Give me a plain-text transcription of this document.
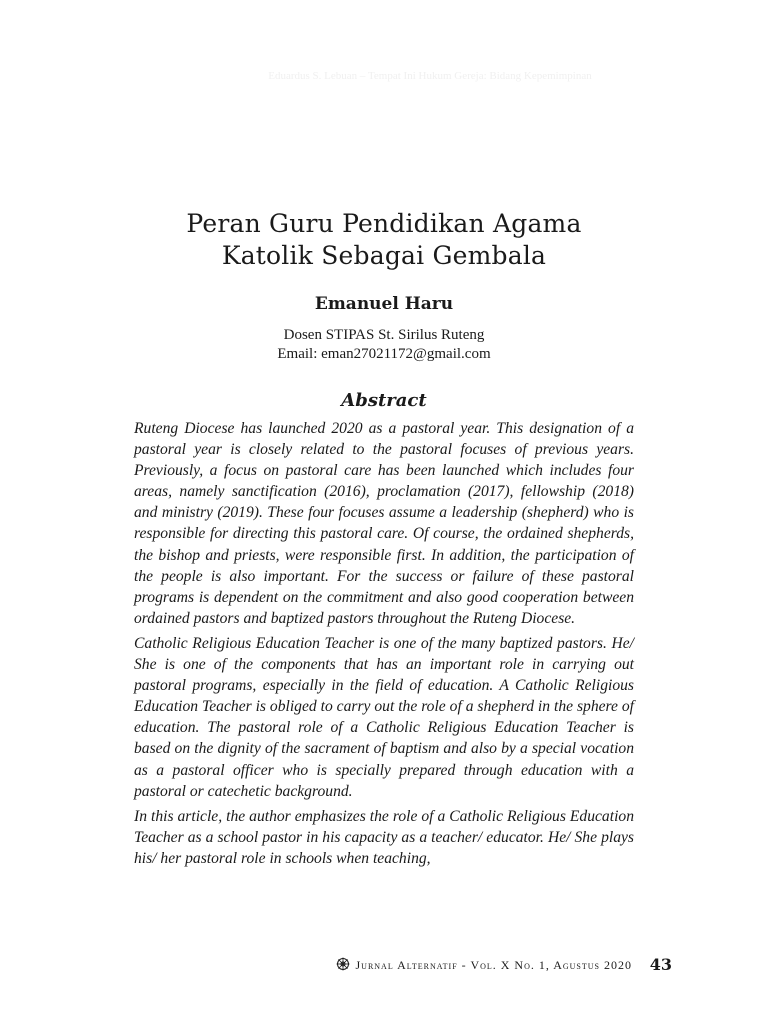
Eduardus S. Lebuan – Tempat Ini Hukum Gereja: Bidang Kepemimpinan
Peran Guru Pendidikan Agama
Katolik Sebagai Gembala
Emanuel Haru
Dosen STIPAS St. Sirilus Ruteng
Email: eman27021172@gmail.com
Abstract

Ruteng Diocese has launched 2020 as a pastoral year. This designation of a pastoral year is closely related to the pastoral focuses of previous years. Previously, a focus on pastoral care has been launched which includes four areas, namely sanctification (2016), proclamation (2017), fellowship (2018) and ministry (2019). These four focuses assume a leadership (shepherd) who is responsible for directing this pastoral care. Of course, the ordained shepherds, the bishop and priests, were responsible first. In addition, the participation of the people is also important. For the success or failure of these pastoral programs is dependent on the commitment and also good cooperation between ordained pastors and baptized pastors throughout the Ruteng Diocese.

Catholic Religious Education Teacher is one of the many baptized pastors. He/ She is one of the components that has an important role in carrying out pastoral programs, especially in the field of education. A Catholic Religious Education Teacher is obliged to carry out the role of a shepherd in the sphere of education. The pastoral role of a Catholic Religious Education Teacher is based on the dignity of the sacrament of baptism and also by a special vocation as a pastoral officer who is specially prepared through education with a pastoral or catechetic background.

In this article, the author emphasizes the role of a Catholic Religious Education Teacher as a school pastor in his capacity as a teacher/ educator. He/ She plays his/ her pastoral role in schools when teaching,

Jurnal Alternatif - Vol. X No. 1, Agustus 2020 43
